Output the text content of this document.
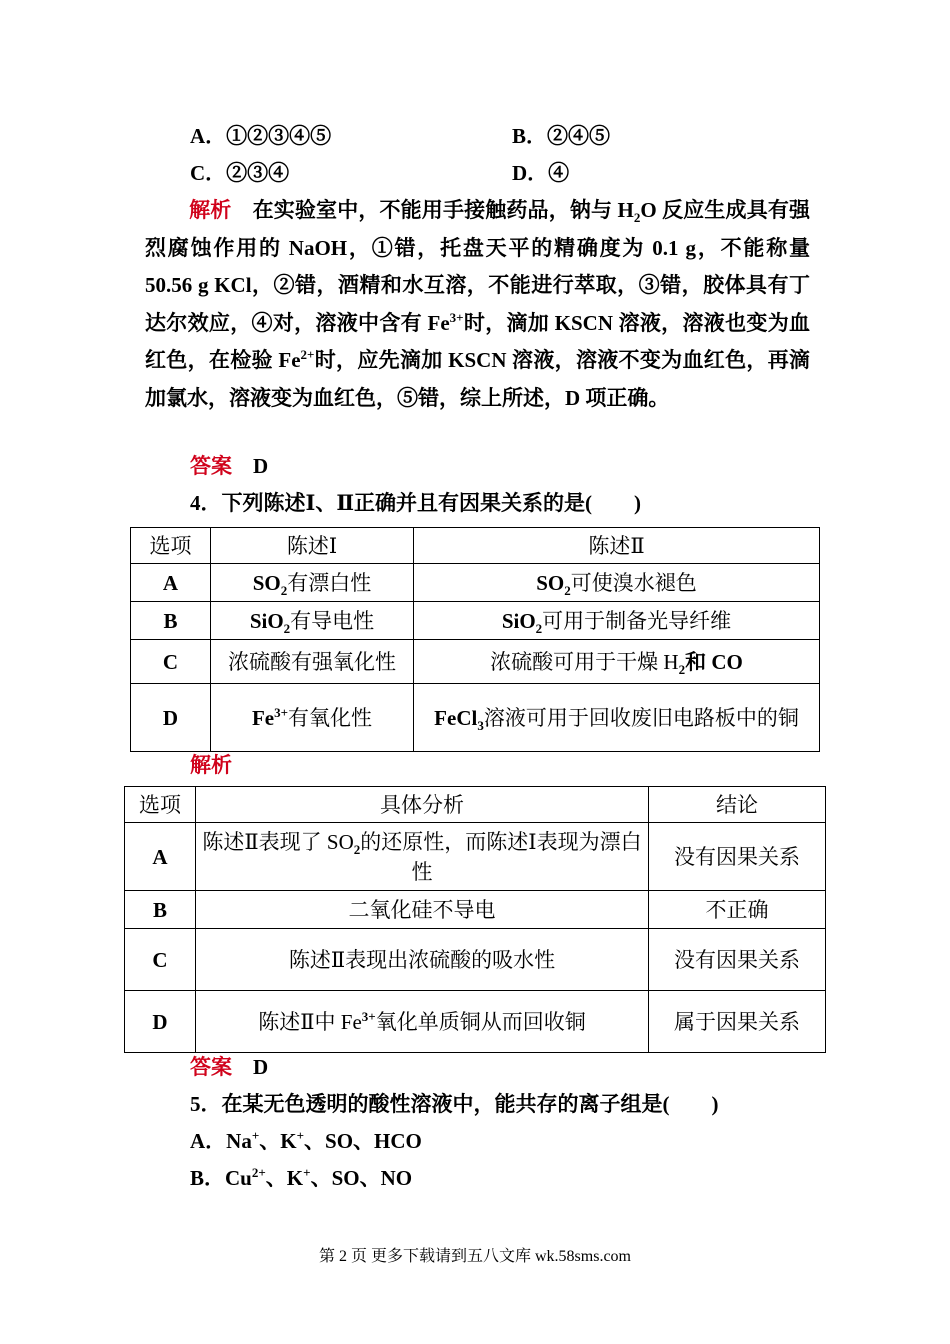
A．①②③④⑤	B．②④⑤
C．②③④	D．④
解析　 在实验室中，不能用手接触药品，钠与 $H_2O$ 反应生成具有强烈腐蚀作用的 NaOH，①错，托盘天平的精确度为 0.1 g，不能称量 50.56 g KCl，②错，酒精和水互溶，不能进行萃取，③错，胶体具有丁达尔效应，④对，溶液中含有 $Fe^{3+}$时，滴加 KSCN 溶液，溶液也变为血红色，在检验 $Fe^{2+}$时，应先滴加 KSCN 溶液，溶液不变为血红色，再滴加氯水，溶液变为血红色，⑤错，综上所述，D 项正确。
答案　 D
4．下列陈述Ⅰ、Ⅱ正确并且有因果关系的是(　　)
选项	陈述Ⅰ	陈述Ⅱ
A	$SO_2$有漂白性	$SO_2$可使溴水褪色
B	SiO$_2$有导电性	SiO$_2$可用于制备光导纤维
C	浓硫酸有强氧化性	浓硫酸可用于干燥 $H_2$和 CO
D	$Fe^{3+}$有氧化性	FeCl$_3$溶液可用于回收废旧电路板中的铜
解析
选项	具体分析	结论
A	陈述Ⅱ表现了 $SO_2$的还原性，而陈述Ⅰ表现为漂白性	没有因果关系
B	二氧化硅不导电	不正确
C	陈述Ⅱ表现出浓硫酸的吸水性	没有因果关系
D	陈述Ⅱ中 $Fe^{3+}$氧化单质铜从而回收铜	属于因果关系
答案　 D
5．在某无色透明的酸性溶液中，能共存的离子组是(　　)
A．Na+、K+、SO、HCO
B．$Cu^{2+}$、K+、SO、NO
第 2 页 更多下载请到五八文库 wk.58sms.com
